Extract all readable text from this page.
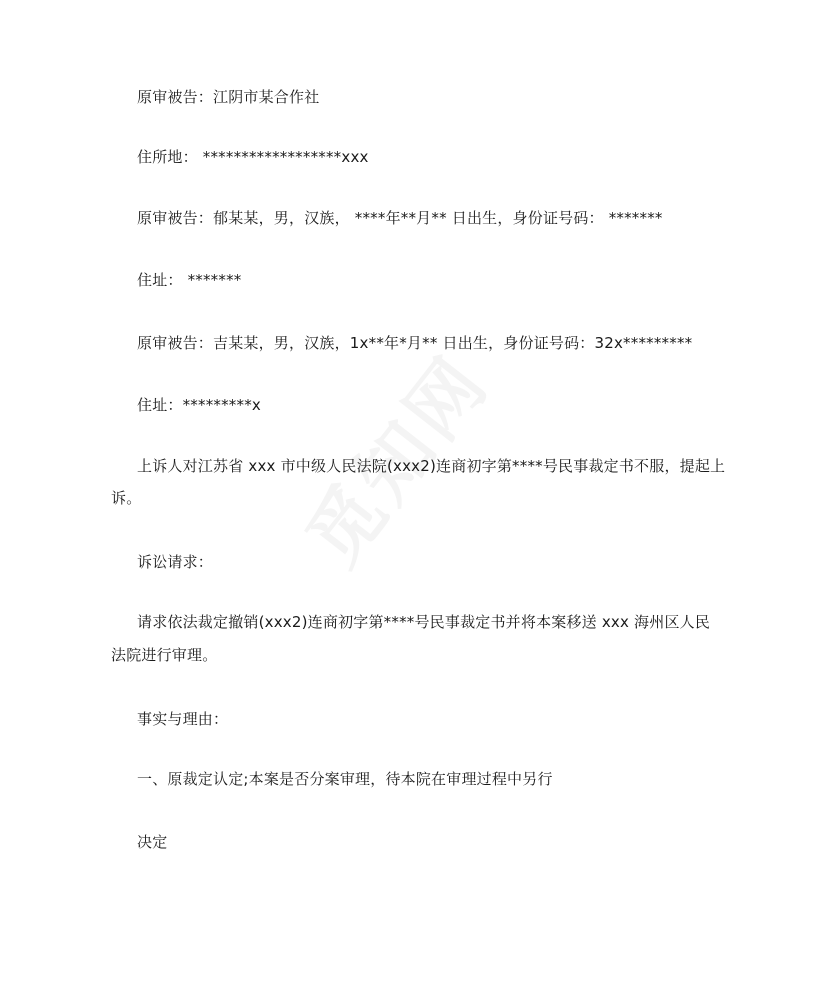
原审被告：江阴市某合作社
住所地： ******************xxx
原审被告：郁某某，男，汉族， ****年**月** 日出生，身份证号码： *******
住址： *******
原审被告：吉某某，男，汉族，1x**年*月** 日出生，身份证号码：32x*********
住址：*********x
上诉人对江苏省 xxx 市中级人民法院(xxx2)连商初字第****号民事裁定书不服，提起上
诉。
诉讼请求：
请求依法裁定撤销(xxx2)连商初字第****号民事裁定书并将本案移送 xxx 海州区人民
法院进行审理。
事实与理由：
一、原裁定认定;本案是否分案审理，待本院在审理过程中另行
决定
